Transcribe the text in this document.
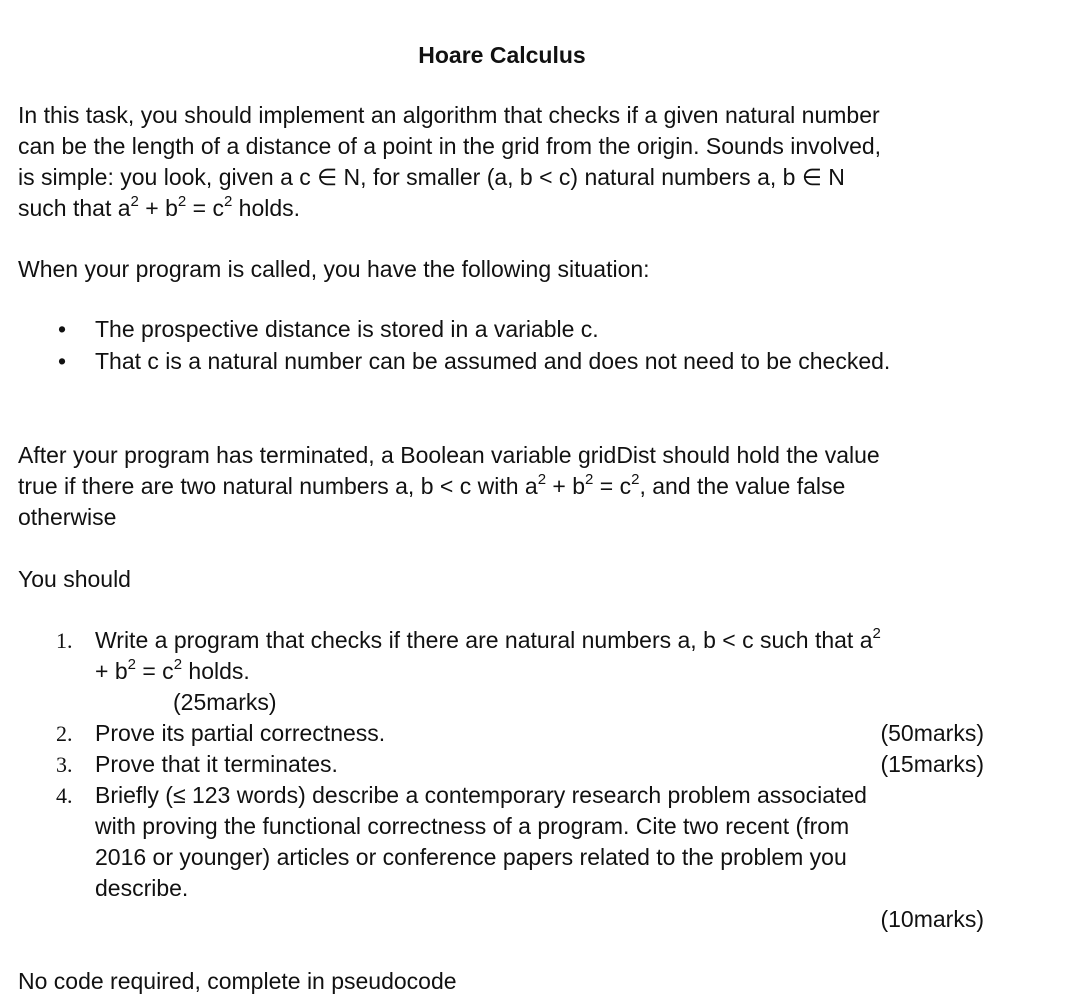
Hoare Calculus

In this task, you should implement an algorithm that checks if a given natural number

can be the length of a distance of a point in the grid from the origin. Sounds involved,

is simple: you look, given a c ∈ N, for smaller (a, b < c) natural numbers a, b ∈ N

such that $a^2 + b^2 = c^2$ holds.

When your program is called, you have the following situation:

• The prospective distance is stored in a variable c.
• That c is a natural number can be assumed and does not need to be checked.

After your program has terminated, a Boolean variable gridDist should hold the value

true if there are two natural numbers a, b < c with $a^2 + b^2 = c^2$, and the value false

otherwise

You should

1. Write a program that checks if there are natural numbers a, b < c such that $a^2$
+ $b^2 = c^2$ holds.
(25marks)
2. Prove its partial correctness.	(50marks)
3. Prove that it terminates.	(15marks)
4. Briefly (≤ 123 words) describe a contemporary research problem associated
with proving the functional correctness of a program. Cite two recent (from
2016 or younger) articles or conference papers related to the problem you
describe.
(10marks)

No code required, complete in pseudocode
